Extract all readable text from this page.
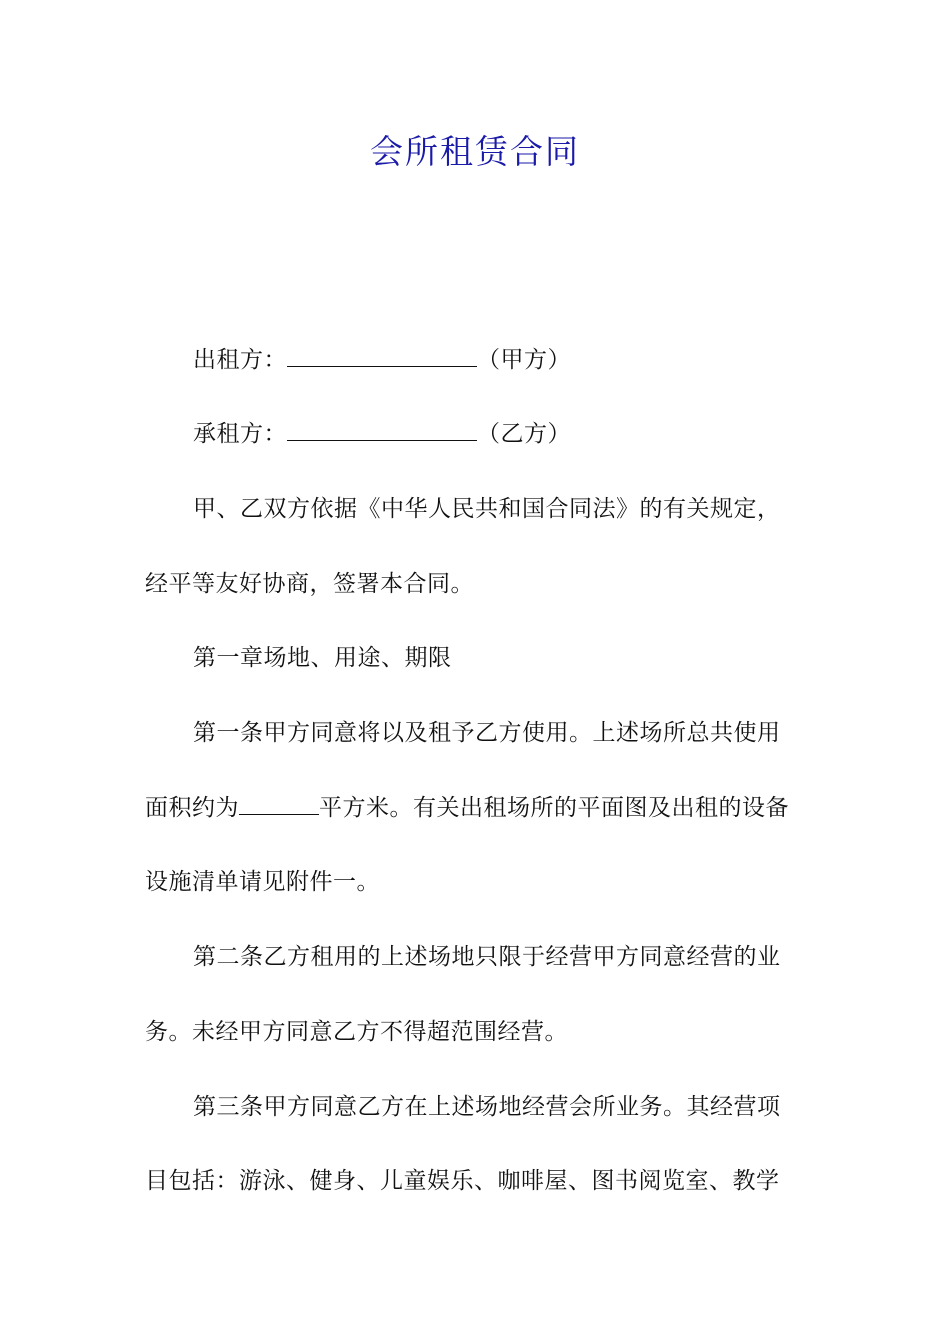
会所租赁合同
出租方：	（甲方）
承租方：	（乙方）
甲、乙双方依据《中华人民共和国合同法》的有关规定，
经平等友好协商，签署本合同。
第一章场地、用途、期限
第一条甲方同意将以及租予乙方使用。上述场所总共使用
面积约为	平方米。有关出租场所的平面图及出租的设备
设施清单请见附件一。
第二条乙方租用的上述场地只限于经营甲方同意经营的业
务。未经甲方同意乙方不得超范围经营。
第三条甲方同意乙方在上述场地经营会所业务。其经营项
目包括：游泳、健身、儿童娱乐、咖啡屋、图书阅览室、教学
